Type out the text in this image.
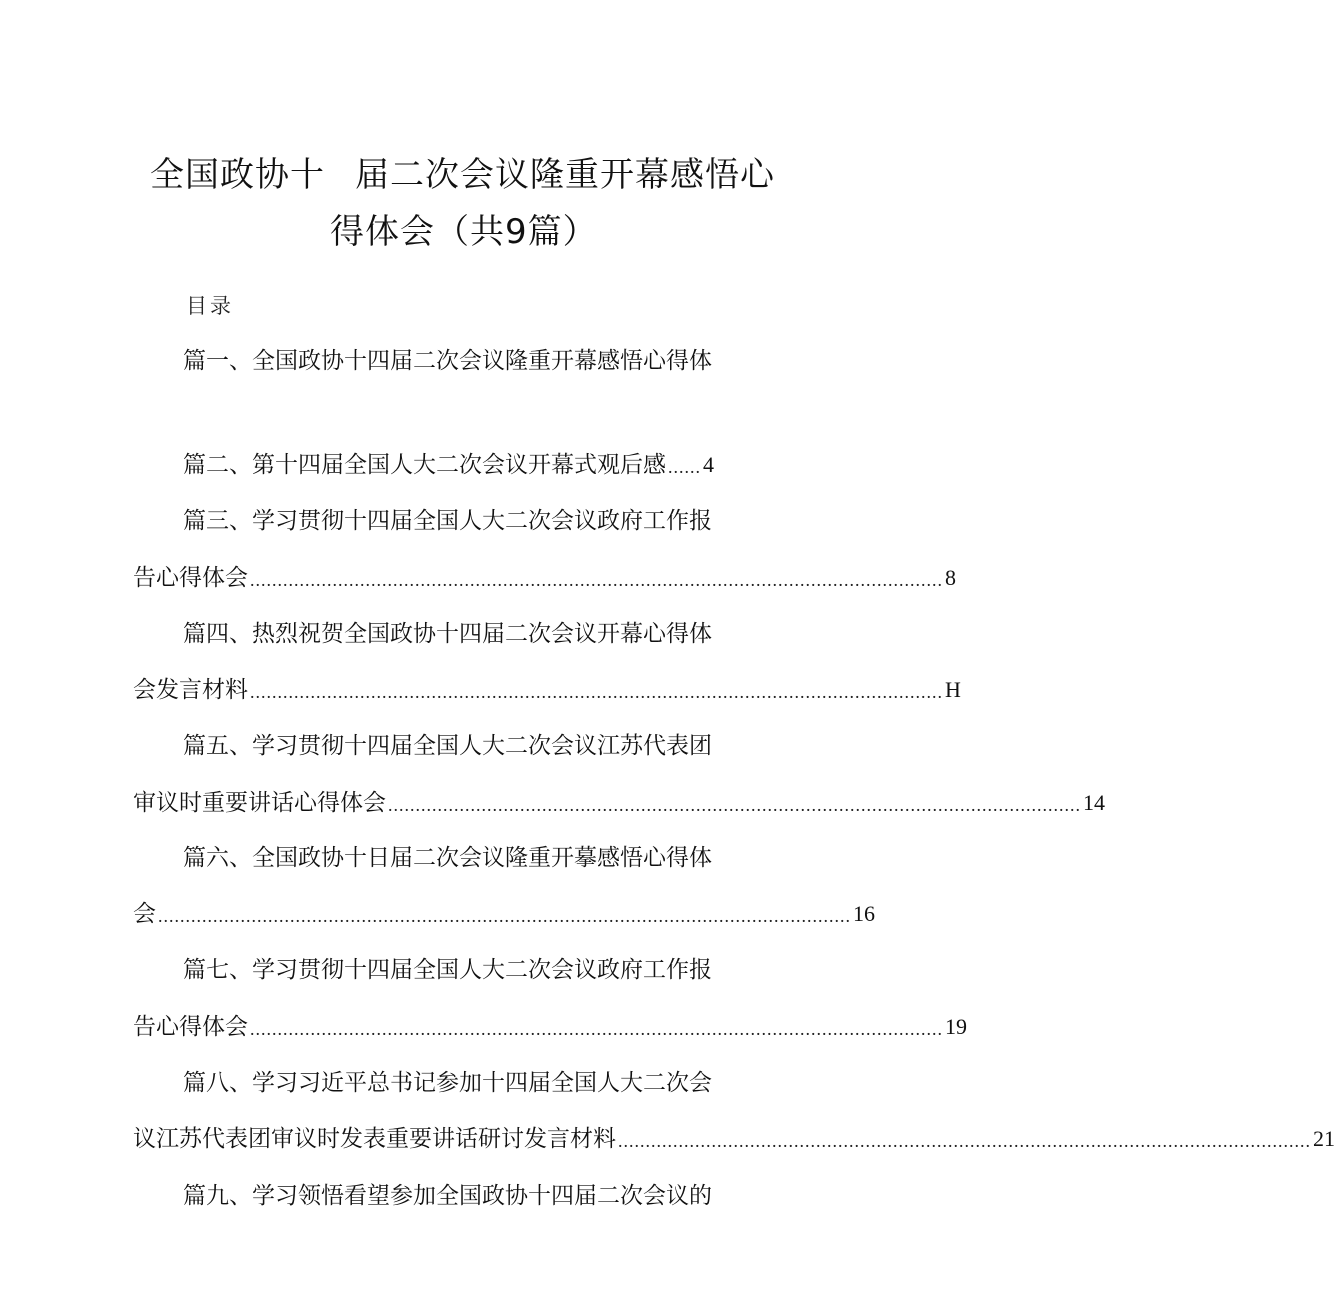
全国政协十 届二次会议隆重开幕感悟心
得体会（共9篇）
目录
篇一、全国政协十四届二次会议隆重开幕感悟心得体
篇二、第十四届全国人大二次会议开幕式观后感 ...... 4
篇三、学习贯彻十四届全国人大二次会议政府工作报
告心得体会 .............................................................................................................................. 8
篇四、热烈祝贺全国政协十四届二次会议开幕心得体
会发言材料 .............................................................................................................................. H
篇五、学习贯彻十四届全国人大二次会议江苏代表团
审议时重要讲话心得体会 .............................................................................................................................. 14
篇六、全国政协十日届二次会议隆重开摹感悟心得体
会 .............................................................................................................................. 16
篇七、学习贯彻十四届全国人大二次会议政府工作报
告心得体会 .............................................................................................................................. 19
篇八、学习习近平总书记参加十四届全国人大二次会
议江苏代表团审议时发表重要讲话研讨发言材料 .............................................................................................................................. 21
篇九、学习领悟看望参加全国政协十四届二次会议的
